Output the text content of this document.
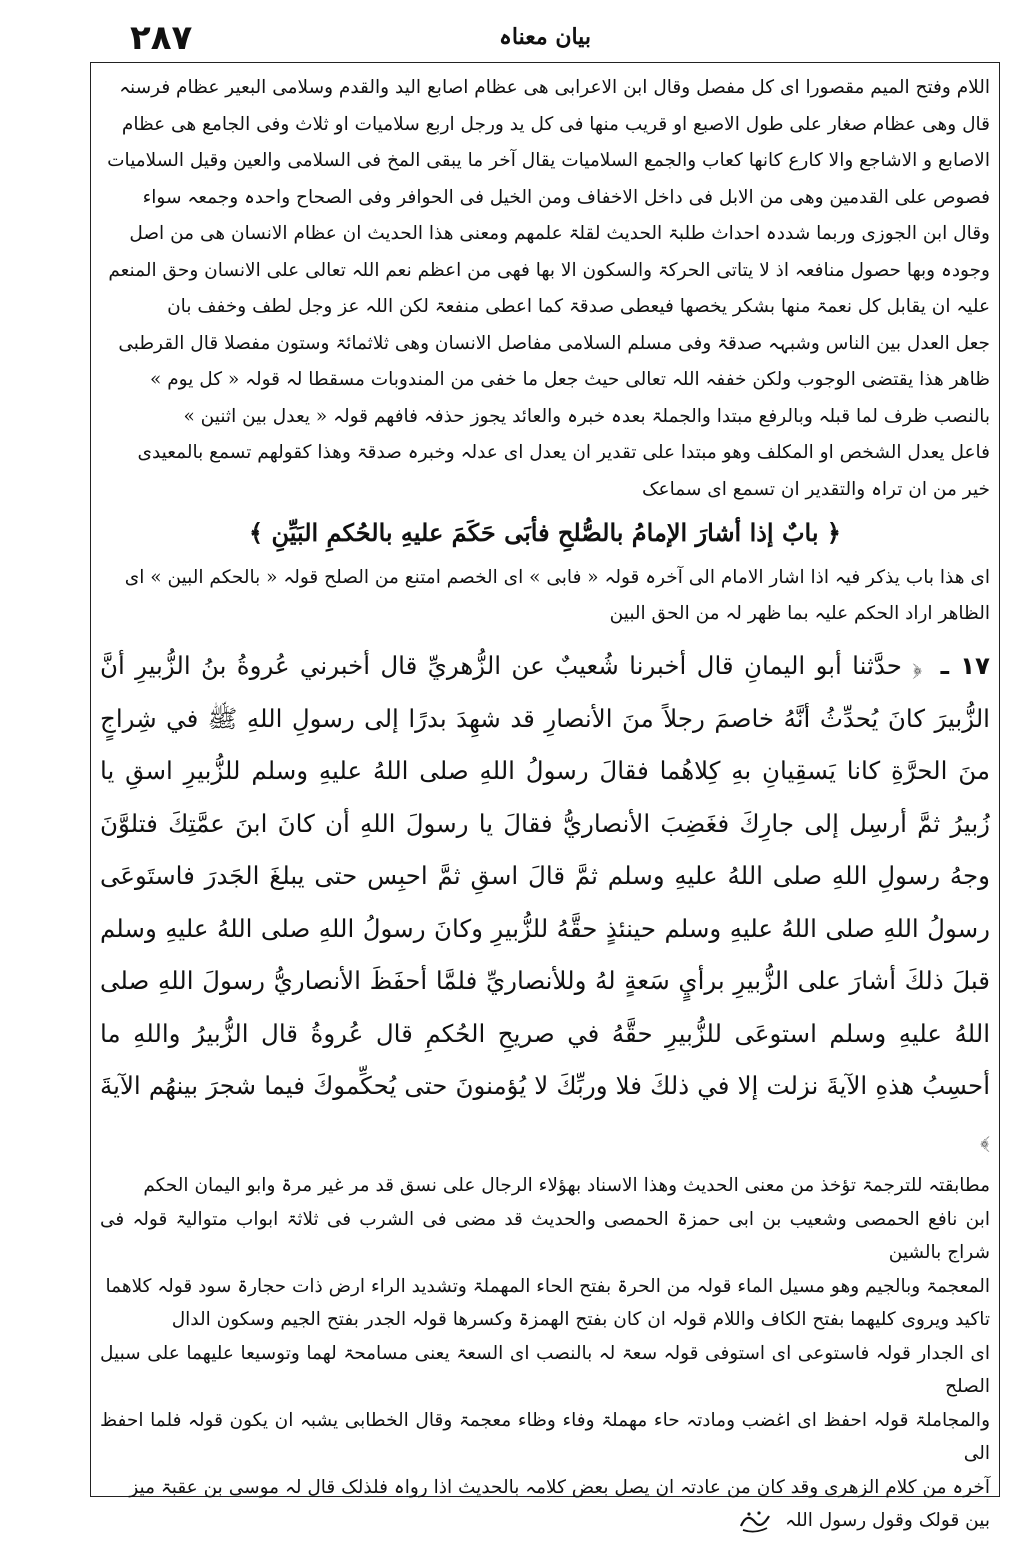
۲۸۷	بیان معناہ

اللام وفتح المیم مقصورا ای کل مفصل وقال ابن الاعرابی ھی عظام اصابع الید والقدم وسلامی البعیر عظام فرسنہ

قال وھی عظام صغار علی طول الاصبع او قریب منھا فی کل ید ورجل اربع سلامیات او ثلاث وفی الجامع ھی عظام

الاصابع و الاشاجع والا کارع کانھا کعاب والجمع السلامیات یقال آخر ما یبقی المخ فی السلامی والعین وقیل السلامیات

فصوص علی القدمین وھی من الابل فی داخل الاخفاف ومن الخیل فی الحوافر وفی الصحاح واحدہ وجمعہ سواء

وقال ابن الجوزی وربما شددہ احداث طلبۃ الحدیث لقلۃ علمھم ومعنی ھذا الحدیث ان عظام الانسان ھی من اصل

وجودہ وبھا حصول منافعہ اذ لا یتاتی الحرکۃ والسکون الا بھا فھی من اعظم نعم اللہ تعالی علی الانسان وحق المنعم

علیہ ان یقابل کل نعمۃ منھا بشکر یخصھا فیعطی صدقۃ کما اعطی منفعۃ لکن اللہ عز وجل لطف وخفف بان

جعل العدل بین الناس وشبہہ صدقۃ وفی مسلم السلامی مفاصل الانسان وھی ثلاثمائۃ وستون مفصلا قال القرطبی

ظاھر ھذا یقتضی الوجوب ولکن خففہ اللہ تعالی حیث جعل ما خفی من المندوبات مسقطا لہ قولہ « کل یوم »

بالنصب ظرف لما قبلہ وبالرفع مبتدا والجملۃ بعدہ خبرہ والعائد یجوز حذفہ فافھم قولہ « یعدل بین اثنین »

فاعل یعدل الشخص او المکلف وھو مبتدا علی تقدیر ان یعدل ای عدلہ وخبرہ صدقۃ وھذا کقولھم تسمع بالمعیدی

خیر من ان تراہ والتقدیر ان تسمع ای سماعک

﴿ بابٌ إذا أشارَ الإمامُ بالصُّلحِ فأبَى حَكَمَ عليهِ بالحُكمِ البَيِّنِ ﴾

ای ھذا باب یذکر فیہ اذا اشار الامام الی آخرہ قولہ « فابی » ای الخصم امتنع من الصلح قولہ « بالحکم البین » ای

الظاھر اراد الحکم علیہ بما ظھر لہ من الحق البین

١٧ ـ ﴿ حدَّثنا أبو اليمانِ قال أخبرنا شُعيبٌ عن الزُّهريِّ قال أخبرني عُروةُ بنُ الزُّبيرِ أنَّ الزُّبيرَ كانَ يُحدِّثُ أنَّهُ خاصمَ رجلاً منَ الأنصارِ قد شهِدَ بدرًا إلى رسولِ اللهِ ﷺ في شِراجٍ منَ الحرَّةِ كانا يَسقِيانِ بهِ كِلاهُما فقالَ رسولُ اللهِ صلى اللهُ عليهِ وسلم للزُّبيرِ اسقِ يا زُبيرُ ثمَّ أرسِل إلى جارِكَ فغَضِبَ الأنصاريُّ فقالَ يا رسولَ اللهِ أن كانَ ابنَ عمَّتِكَ فتلوَّنَ وجهُ رسولِ اللهِ صلى اللهُ عليهِ وسلم ثمَّ قالَ اسقِ ثمَّ احبِس حتى يبلغَ الجَدرَ فاستَوعَى رسولُ اللهِ صلى اللهُ عليهِ وسلم حينئذٍ حقَّهُ للزُّبيرِ وكانَ رسولُ اللهِ صلى اللهُ عليهِ وسلم قبلَ ذلكَ أشارَ على الزُّبيرِ برأيٍ سَعةٍ لهُ وللأنصاريِّ فلمَّا أحفَظَ الأنصاريُّ رسولَ اللهِ صلى اللهُ عليهِ وسلم استوعَى للزُّبيرِ حقَّهُ في صريحِ الحُكمِ قال عُروةُ قال الزُّبيرُ واللهِ ما أحسِبُ هذهِ الآيةَ نزلت إلا في ذلكَ فلا وربِّكَ لا يُؤمنونَ حتى يُحكِّموكَ فيما شجرَ بينهُم الآيةَ ﴾

مطابقتہ للترجمۃ تؤخذ من معنی الحدیث وھذا الاسناد بھؤلاء الرجال علی نسق قد مر غیر مرۃ وابو الیمان الحکم

ابن نافع الحمصی وشعیب بن ابی حمزۃ الحمصی والحدیث قد مضی فی الشرب فی ثلاثۃ ابواب متوالیۃ قولہ فی شراج بالشین

المعجمۃ وبالجیم وھو مسیل الماء قولہ من الحرۃ بفتح الحاء المھملۃ وتشدید الراء ارض ذات حجارۃ سود قولہ کلاھما

تاکید ویروی کلیھما بفتح الکاف واللام قولہ ان کان بفتح الھمزۃ وکسرھا قولہ الجدر بفتح الجیم وسکون الدال

ای الجدار قولہ فاستوعی ای استوفی قولہ سعۃ لہ بالنصب ای السعۃ یعنی مسامحۃ لھما وتوسیعا علیھما علی سبیل الصلح

والمجاملۃ قولہ احفظ ای اغضب ومادتہ حاء مھملۃ وفاء وظاء معجمۃ وقال الخطابی یشبہ ان یکون قولہ فلما احفظ الی

آخرہ من کلام الزھری وقد کان من عادتہ ان یصل بعض کلامہ بالحدیث اذا رواہ فلذلک قال لہ موسی بن عقبۃ میز

بین قولک وقول رسول اللہ
